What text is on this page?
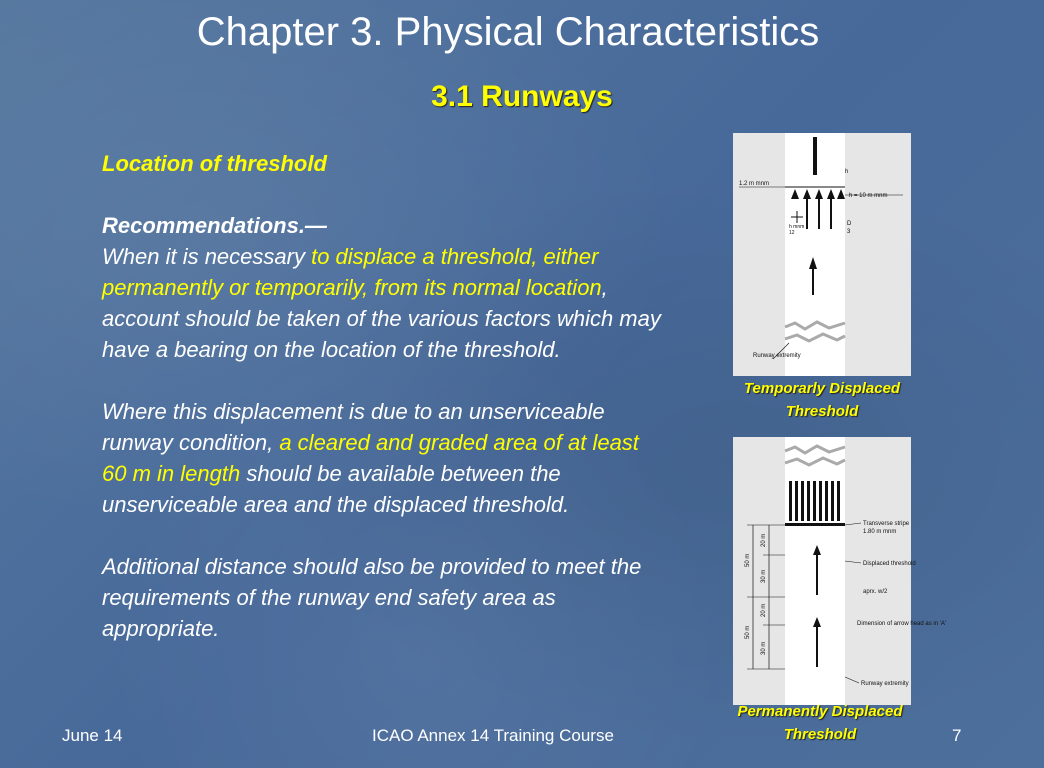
Chapter 3. Physical Characteristics
3.1 Runways

Location of threshold

Recommendations.—
When it is necessary to displace a threshold, either permanently or temporarily, from its normal location, account should be taken of the various factors which may have a bearing on the location of the threshold.

Where this displacement is due to an unserviceable runway condition, a cleared and graded area of at least 60 m in length should be available between the unserviceable area and the displaced threshold.

Additional distance should also be provided to meet the requirements of the runway end safety area as appropriate.

1.2 m mnm
h = 10 m mnm
h
h mnm
12
D
3
Runway extremity
Temporarly Displaced
Threshold
Transverse stripe
1.80 m mnm
Displaced threshold
aprx. w/2
Dimension of arrow head as in 'A'
Runway extremity
50 m
20 m
30 m
50 m
20 m
30 m
Permanently Displaced
Threshold
June 14	ICAO Annex 14 Training Course	7
